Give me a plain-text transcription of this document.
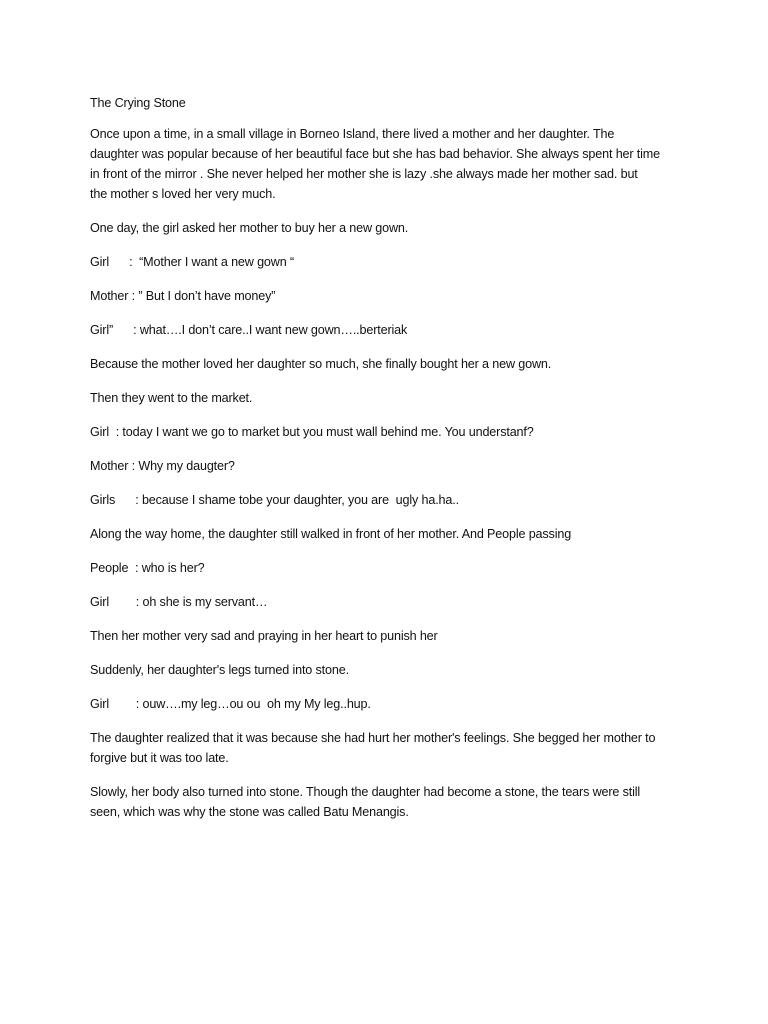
The Crying Stone

Once upon a time, in a small village in Borneo Island, there lived a mother and her daughter. The
daughter was popular because of her beautiful face but she has bad behavior. She always spent her time
in front of the mirror . She never helped her mother she is lazy .she always made her mother sad. but
the mother s loved her very much.

One day, the girl asked her mother to buy her a new gown.

Girl      :  “Mother I want a new gown “
Mother : ” But I don’t have money”
Girl”      : what….I don’t care..I want new gown…..berteriak

Because the mother loved her daughter so much, she finally bought her a new gown.

Then they went to the market.

Girl  : today I want we go to market but you must wall behind me. You understanf?
Mother : Why my daugter?
Girls      : because I shame tobe your daughter, you are  ugly ha.ha..

Along the way home, the daughter still walked in front of her mother. And People passing

People  : who is her?
Girl        : oh she is my servant…

Then her mother very sad and praying in her heart to punish her

Suddenly, her daughter's legs turned into stone.

Girl        : ouw….my leg…ou ou  oh my My leg..hup.

The daughter realized that it was because she had hurt her mother's feelings. She begged her mother to
forgive but it was too late.

Slowly, her body also turned into stone. Though the daughter had become a stone, the tears were still
seen, which was why the stone was called Batu Menangis.
